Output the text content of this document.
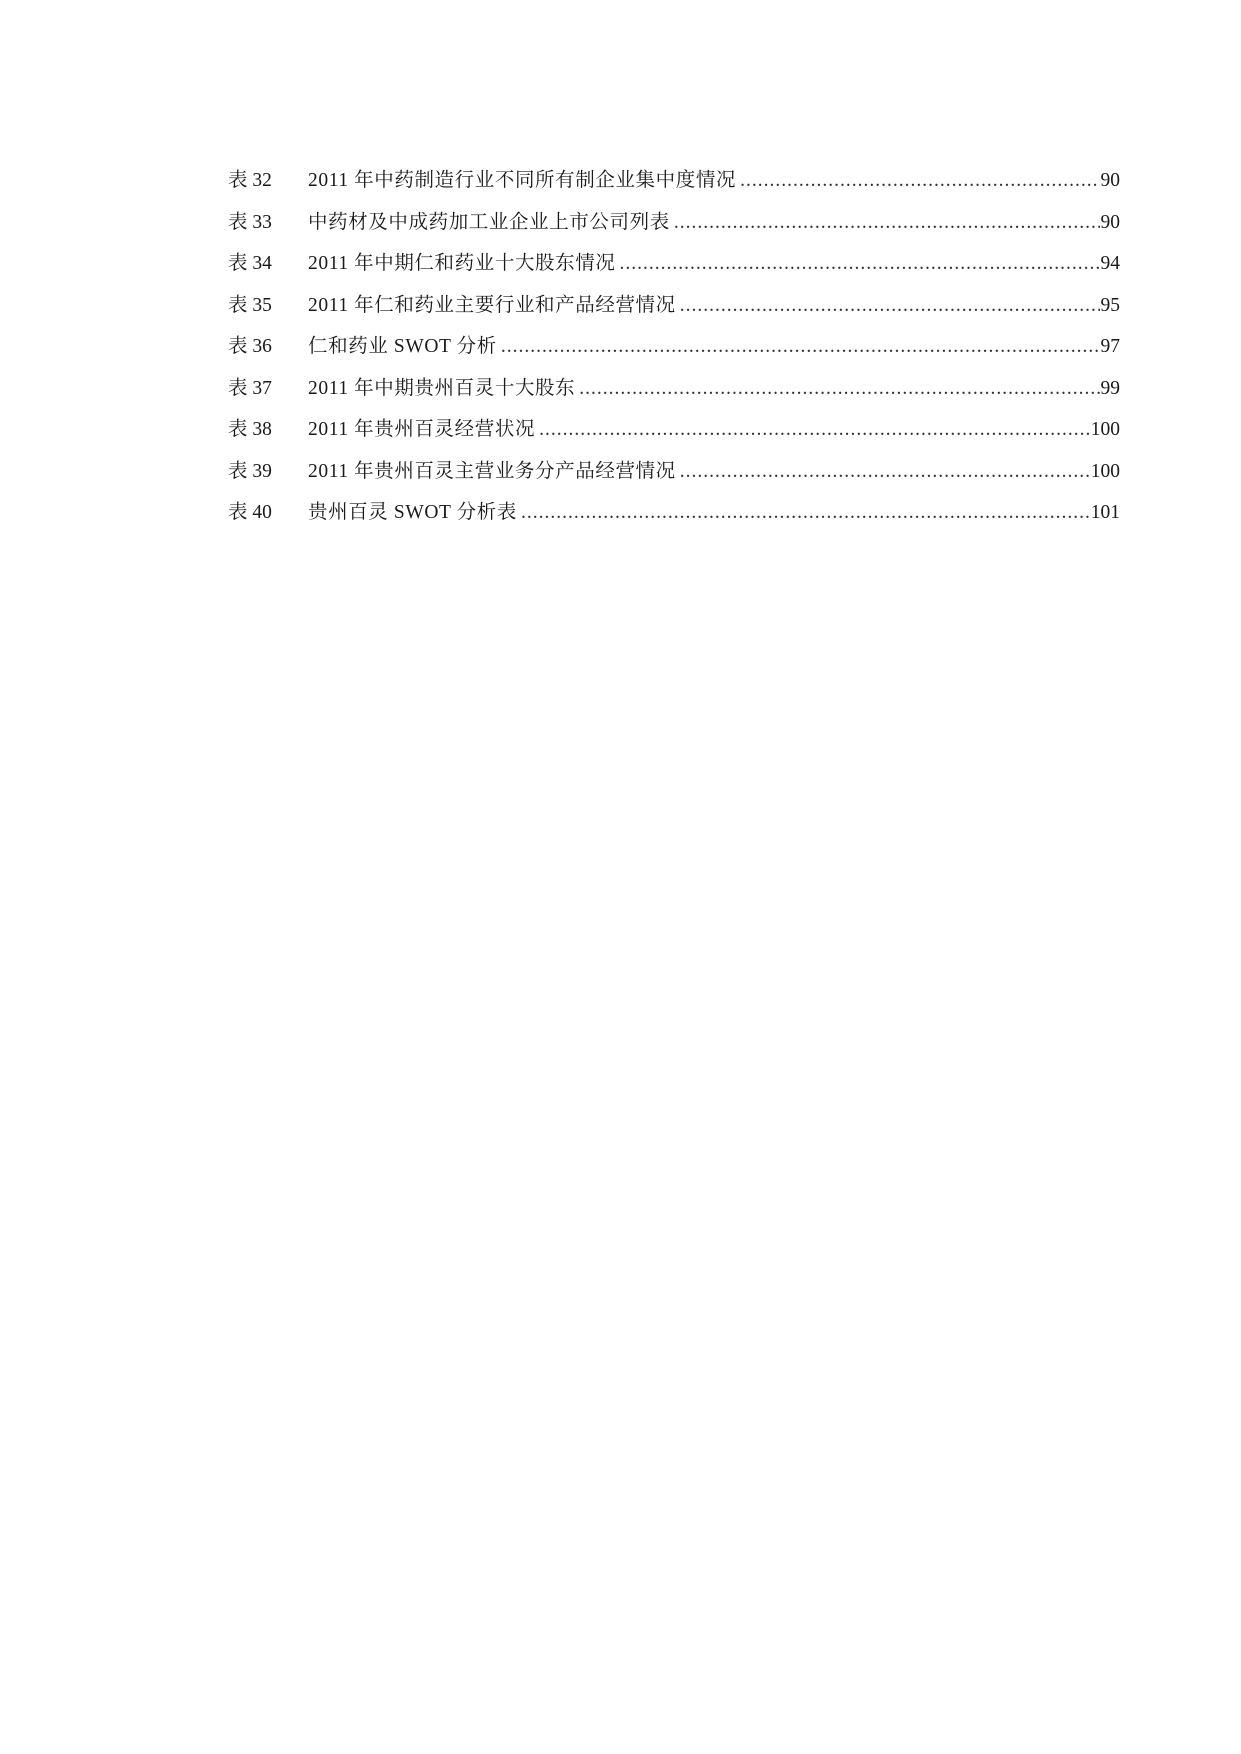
表 32	2011 年中药制造行业不同所有制企业集中度情况 .....	90
表 33	中药材及中成药加工业企业上市公司列表 .....	90
表 34	2011 年中期仁和药业十大股东情况 .....	94
表 35	2011 年仁和药业主要行业和产品经营情况 .....	95
表 36	仁和药业 SWOT 分析 .....	97
表 37	2011 年中期贵州百灵十大股东 .....	99
表 38	2011 年贵州百灵经营状况 .....	100
表 39	2011 年贵州百灵主营业务分产品经营情况 .....	100
表 40	贵州百灵 SWOT 分析表 .....	101
